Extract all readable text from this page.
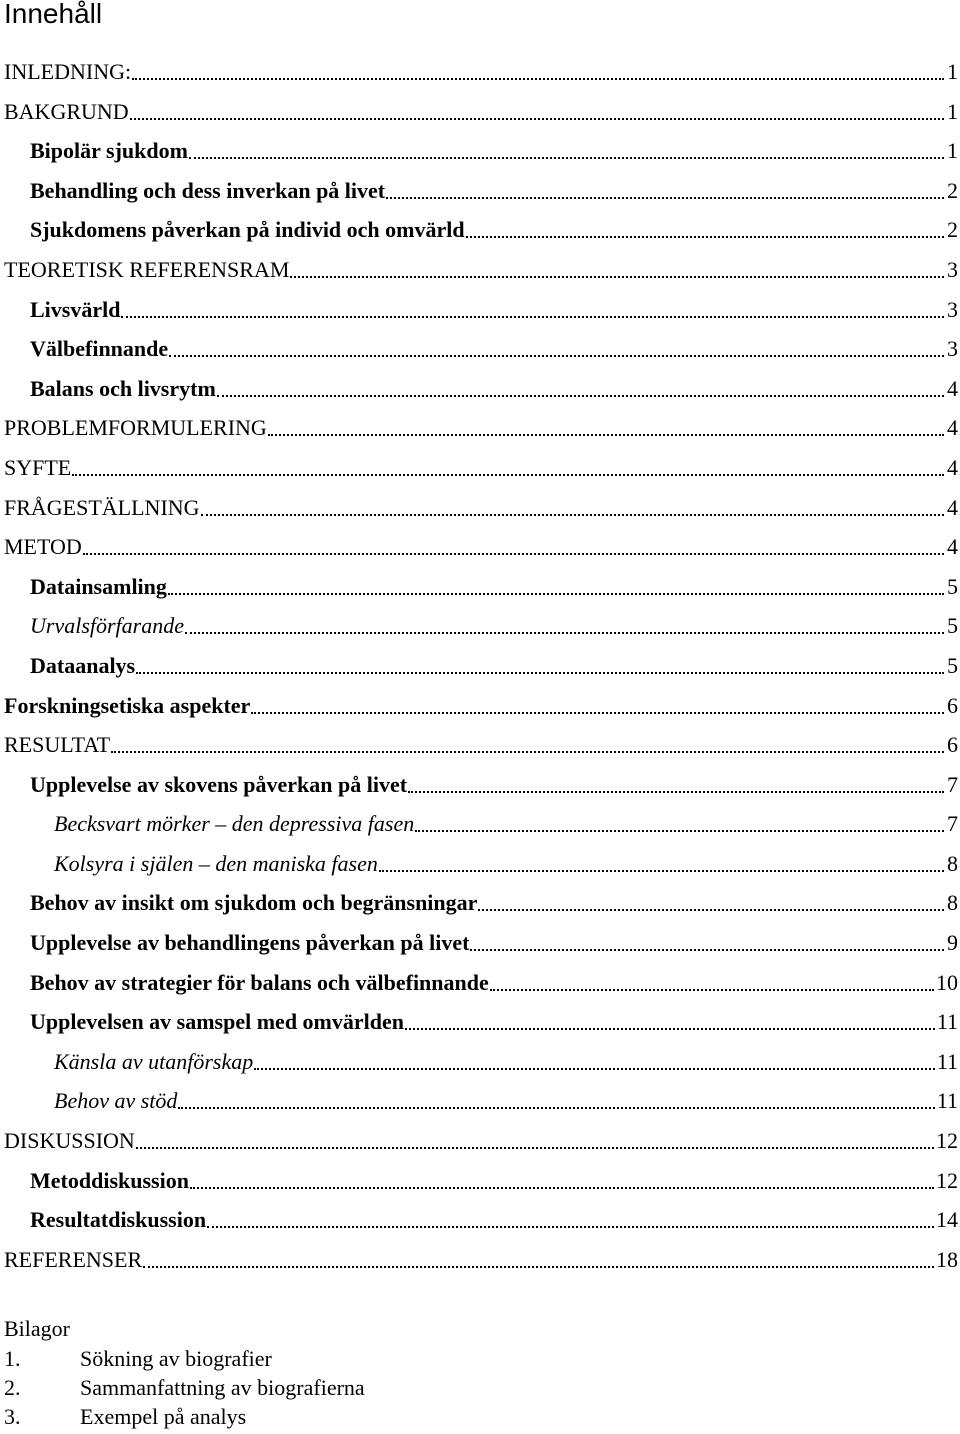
Innehåll
INLEDNING:	1
BAKGRUND	1
Bipolär sjukdom	1
Behandling och dess inverkan på livet	2
Sjukdomens påverkan på individ och omvärld	2
TEORETISK REFERENSRAM	3
Livsvärld	3
Välbefinnande	3
Balans och livsrytm	4
PROBLEMFORMULERING	4
SYFTE	4
FRÅGESTÄLLNING	4
METOD	4
Datainsamling	5
Urvalsförfarande	5
Dataanalys	5
Forskningsetiska aspekter	6
RESULTAT	6
Upplevelse av skovens påverkan på livet	7
Becksvart mörker – den depressiva fasen	7
Kolsyra i själen – den maniska fasen	8
Behov av insikt om sjukdom och begränsningar	8
Upplevelse av behandlingens påverkan på livet	9
Behov av strategier för balans och välbefinnande	10
Upplevelsen av samspel med omvärlden	11
Känsla av utanförskap	11
Behov av stöd	11
DISKUSSION	12
Metoddiskussion	12
Resultatdiskussion	14
REFERENSER	18
Bilagor
1.	Sökning av biografier
2.	Sammanfattning av biografierna
3.	Exempel på analys
